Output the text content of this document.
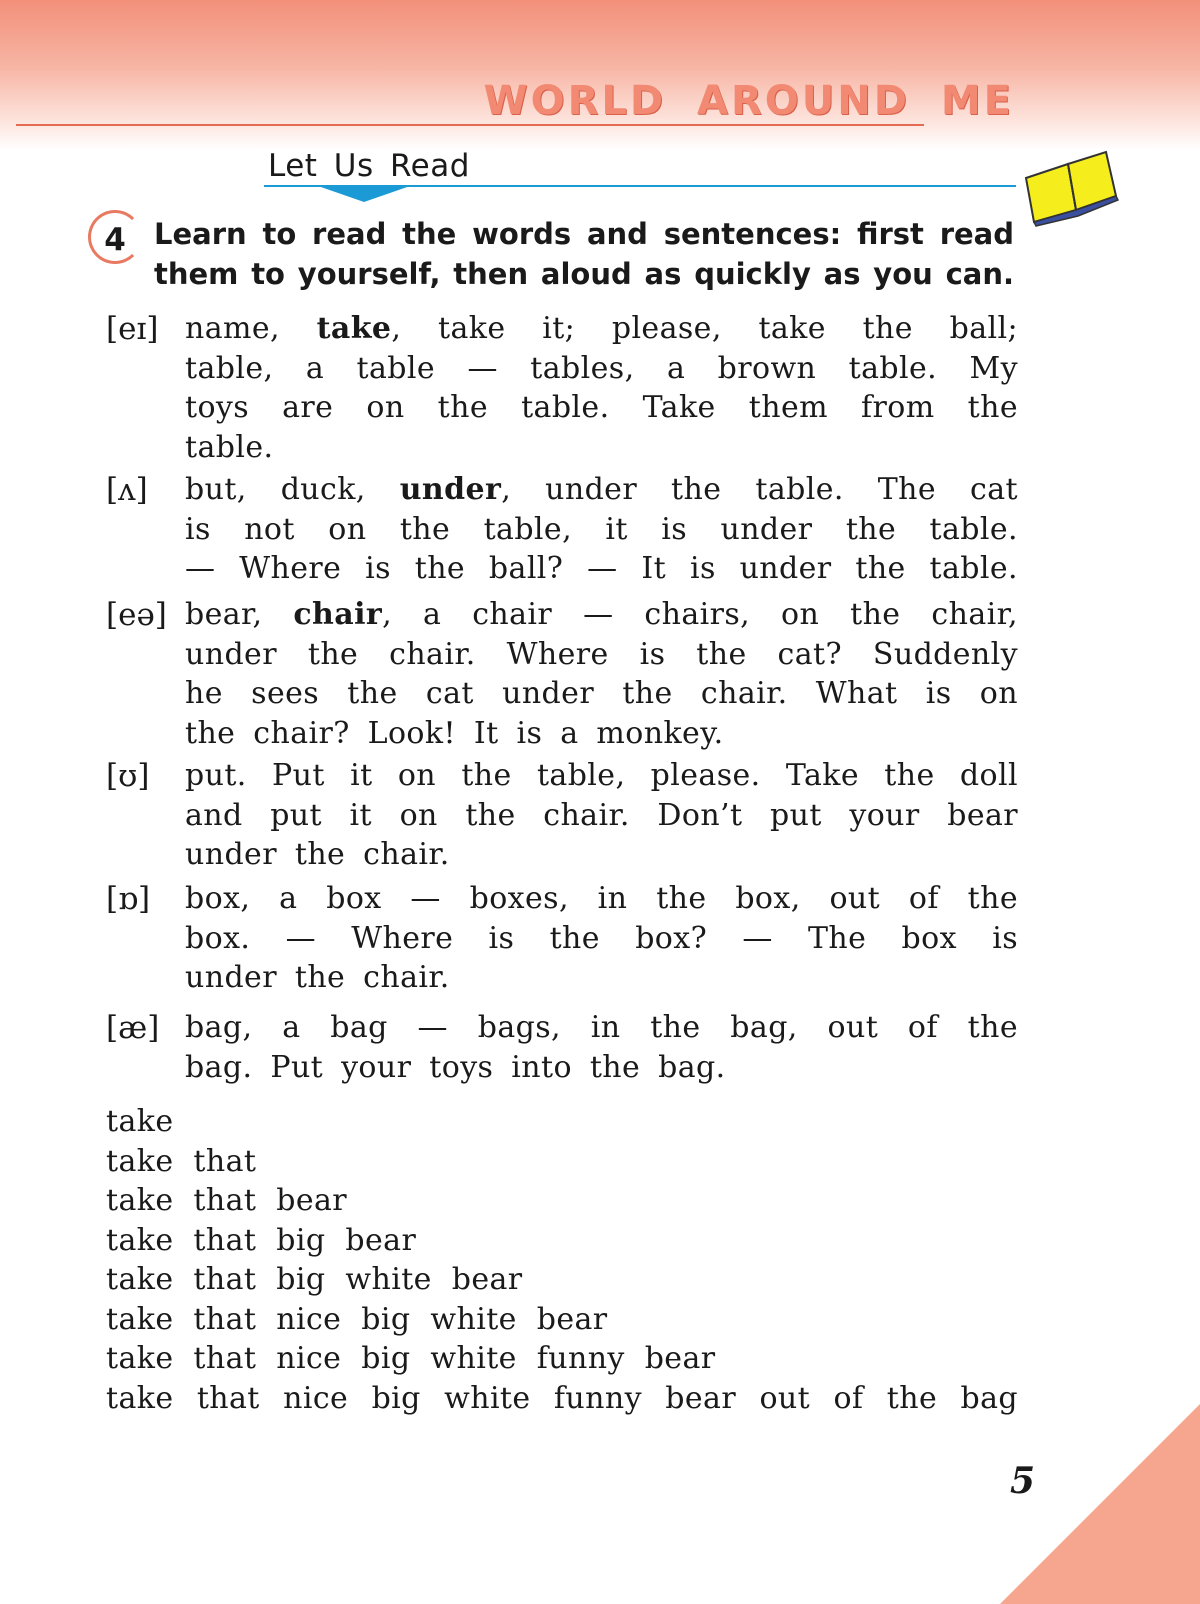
WORLD AROUND ME
Let Us Read
4 Learn to read the words and sentences: first read
them to yourself, then aloud as quickly as you can.
[eɪ] name, take, take it; please, take the ball;
table, a table — tables, a brown table. My
toys are on the table. Take them from the
table.
[ʌ] but, duck, under, under the table. The cat
is not on the table, it is under the table.
— Where is the ball? — It is under the table.
[eə] bear, chair, a chair — chairs, on the chair,
under the chair. Where is the cat? Suddenly
he sees the cat under the chair. What is on
the chair? Look! It is a monkey.
[ʊ] put. Put it on the table, please. Take the doll
and put it on the chair. Don’t put your bear
under the chair.
[ɒ] box, a box — boxes, in the box, out of the
box. — Where is the box? — The box is
under the chair.
[æ] bag, a bag — bags, in the bag, out of the
bag. Put your toys into the bag.
take
take that
take that bear
take that big bear
take that big white bear
take that nice big white bear
take that nice big white funny bear
take that nice big white funny bear out of the bag
5
